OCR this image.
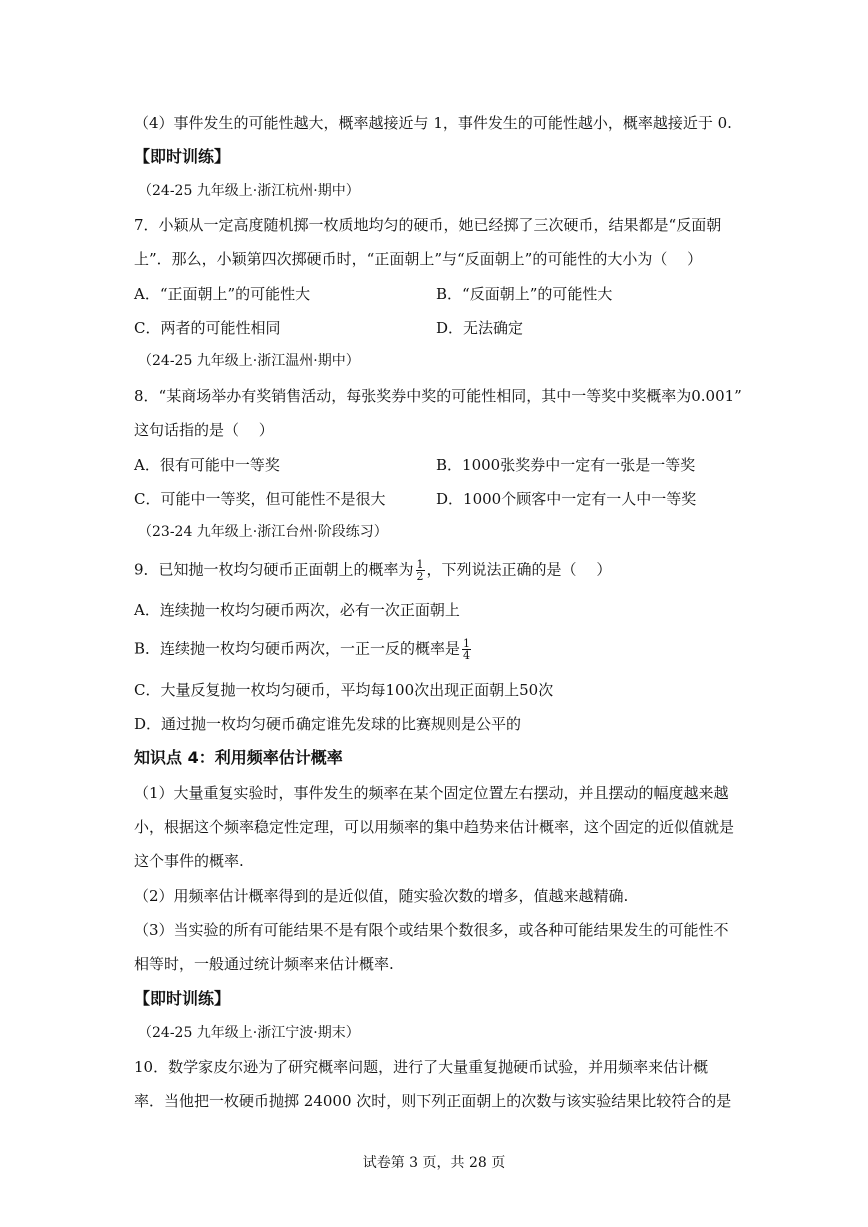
（4）事件发生的可能性越大，概率越接近与 1，事件发生的可能性越小，概率越接近于 0.
【即时训练】
（24-25 九年级上·浙江杭州·期中）
7．小颖从一定高度随机掷一枚质地均匀的硬币，她已经掷了三次硬币，结果都是“反面朝
上”．那么，小颖第四次掷硬币时，“正面朝上”与“反面朝上”的可能性的大小为（　 ）
A．“正面朝上”的可能性大	B．“反面朝上”的可能性大
C．两者的可能性相同	D．无法确定
（24-25 九年级上·浙江温州·期中）
8．“某商场举办有奖销售活动，每张奖券中奖的可能性相同，其中一等奖中奖概率为0.001”
这句话指的是（　 ）
A．很有可能中一等奖	B．1000张奖券中一定有一张是一等奖
C．可能中一等奖，但可能性不是很大	D．1000个顾客中一定有一人中一等奖
（23-24 九年级上·浙江台州·阶段练习）
9．已知抛一枚均匀硬币正面朝上的概率为 $\frac{1}{2}$ ，下列说法正确的是（　 ）
A．连续抛一枚均匀硬币两次，必有一次正面朝上
B．连续抛一枚均匀硬币两次，一正一反的概率是 $\frac{1}{4}$
C．大量反复抛一枚均匀硬币，平均每100次出现正面朝上50次
D．通过抛一枚均匀硬币确定谁先发球的比赛规则是公平的
知识点 4：利用频率估计概率
（1）大量重复实验时，事件发生的频率在某个固定位置左右摆动，并且摆动的幅度越来越
小，根据这个频率稳定性定理，可以用频率的集中趋势来估计概率，这个固定的近似值就是
这个事件的概率.
（2）用频率估计概率得到的是近似值，随实验次数的增多，值越来越精确.
（3）当实验的所有可能结果不是有限个或结果个数很多，或各种可能结果发生的可能性不
相等时，一般通过统计频率来估计概率.
【即时训练】
（24-25 九年级上·浙江宁波·期末）
10．数学家皮尔逊为了研究概率问题，进行了大量重复抛硬币试验，并用频率来估计概
率．当他把一枚硬币抛掷 24000 次时，则下列正面朝上的次数与该实验结果比较符合的是
试卷第 3 页，共 28 页
